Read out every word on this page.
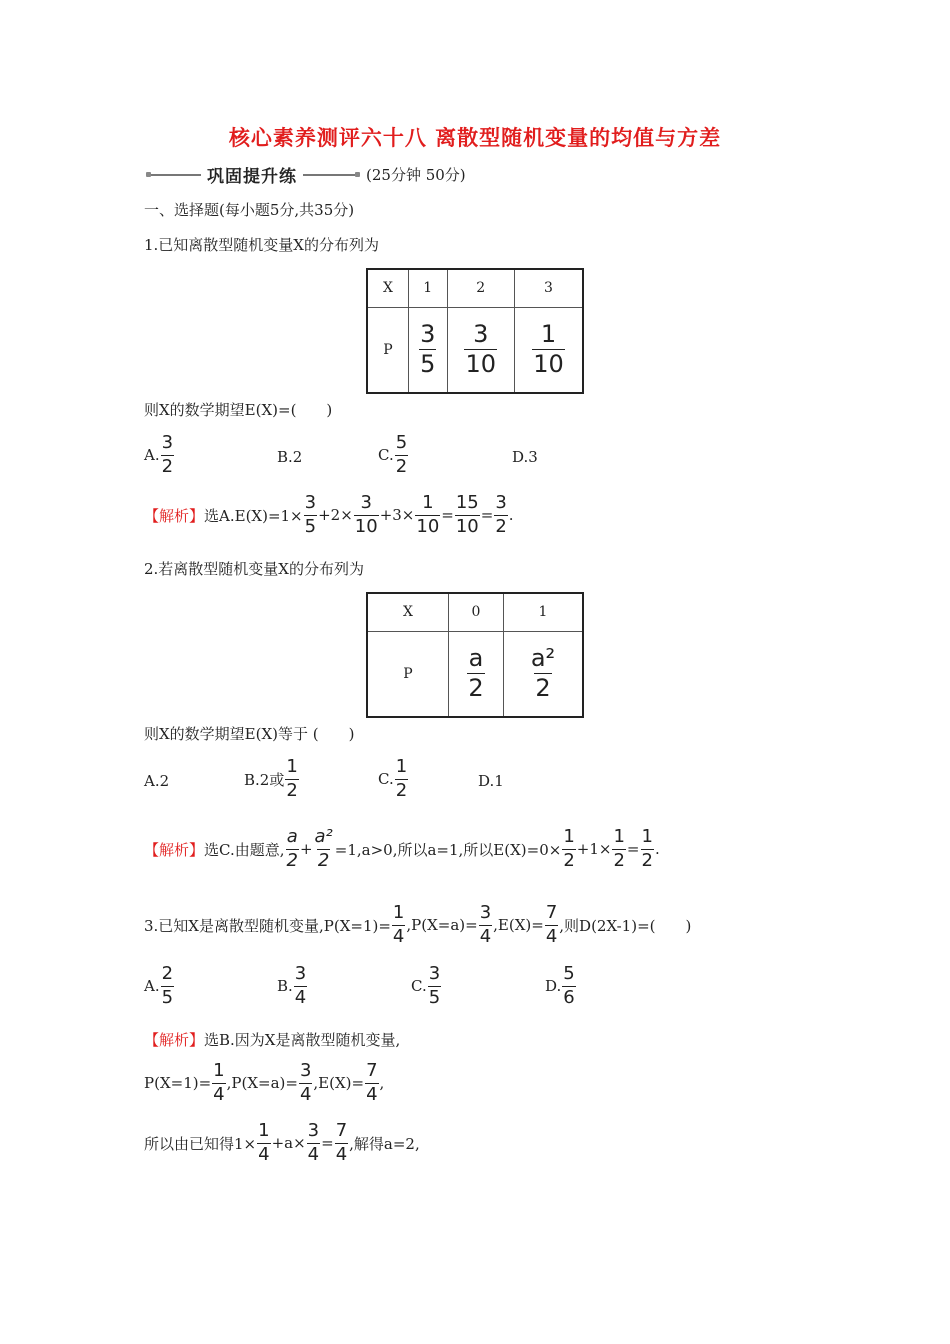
核心素养测评六十八 离散型随机变量的均值与方差
巩固提升练	(25分钟 50分)
一、选择题(每小题5分,共35分)
1.已知离散型随机变量X的分布列为
X	1	2	3
P	$\frac{3}{5}$	$\frac{3}{10}$	$\frac{1}{10}$
则X的数学期望E(X)=(　　)
A. $\frac{3}{2}$	B.2	C. $\frac{5}{2}$	D.3
【解析】 选$A.E(X)=1\times \frac{3}{5} +2\times \frac{3}{10} +3\times \frac{1}{10} = \frac{15}{10} = \frac{3}{2}$ .
2.若离散型随机变量X的分布列为
X	0	1
P	$\frac{a}{2}$	$\frac{\text{a²}}{2}$
则X的数学期望E(X)等于 (　　)
A.2	B.2或 $\frac{1}{2}$	C. $\frac{1}{2}$	D.1
【解析】 选C.由题意, $\frac{a}{2} + \frac{\text{a²}}{2} =1,a>0$,所以a=1,所以$E(X)=0\times \frac{1}{2} +1\times \frac{1}{2} = \frac{1}{2}$ .
3.已知X是离散型随机变量$,P(X=1)= \frac{1}{4} ,P(X=a)= \frac{3}{4} ,E(X)= \frac{7}{4}$ ,则D(2X-1)=(　　)
A. $\frac{2}{5}$	B. $\frac{3}{4}$	C. $\frac{3}{5}$	D. $\frac{5}{6}$
【解析】 选B.因为X是离散型随机变量,
$P(X=1)= \frac{1}{4} ,P(X=a)= \frac{3}{4} ,E(X)= \frac{7}{4}$ ,
所以由已知得$1\times \frac{1}{4} +a\times \frac{3}{4} = \frac{7}{4}$ ,解得a=2,
